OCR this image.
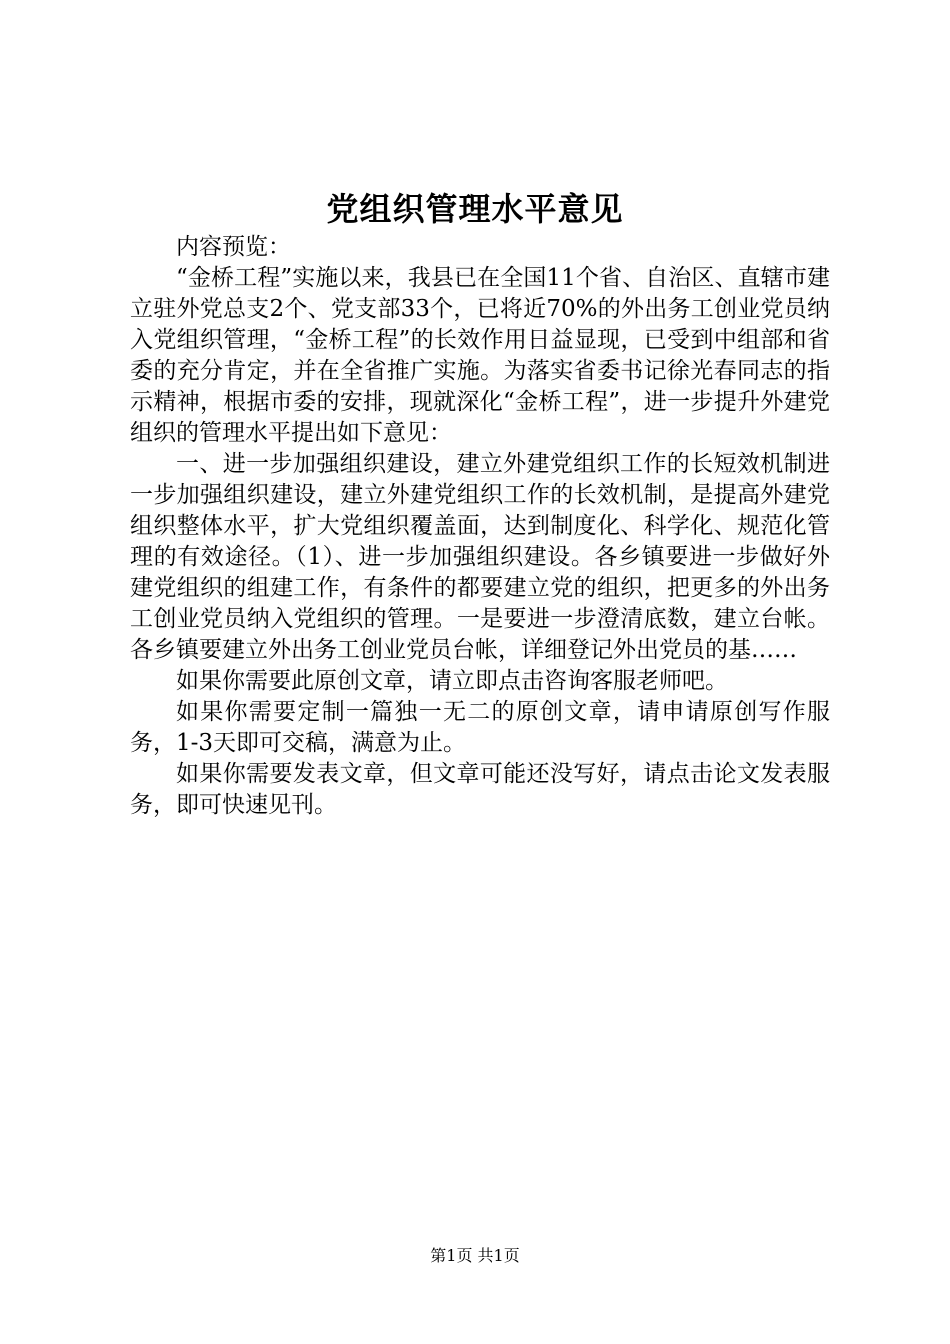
党组织管理水平意见

内容预览：

“金桥工程”实施以来，我县已在全国11个省、自治区、直辖市建立驻外党总支2个、党支部33个，已将近70%的外出务工创业党员纳入党组织管理，“金桥工程”的长效作用日益显现，已受到中组部和省委的充分肯定，并在全省推广实施。为落实省委书记徐光春同志的指示精神，根据市委的安排，现就深化“金桥工程”，进一步提升外建党组织的管理水平提出如下意见：

一、进一步加强组织建设，建立外建党组织工作的长短效机制进一步加强组织建设，建立外建党组织工作的长效机制，是提高外建党组织整体水平，扩大党组织覆盖面，达到制度化、科学化、规范化管理的有效途径。（1）、进一步加强组织建设。各乡镇要进一步做好外建党组织的组建工作，有条件的都要建立党的组织，把更多的外出务工创业党员纳入党组织的管理。一是要进一步澄清底数，建立台帐。各乡镇要建立外出务工创业党员台帐，详细登记外出党员的基……

如果你需要此原创文章，请立即点击咨询客服老师吧。

如果你需要定制一篇独一无二的原创文章，请申请原创写作服务，1-3天即可交稿，满意为止。

如果你需要发表文章，但文章可能还没写好，请点击论文发表服务，即可快速见刊。

第1页 共1页
